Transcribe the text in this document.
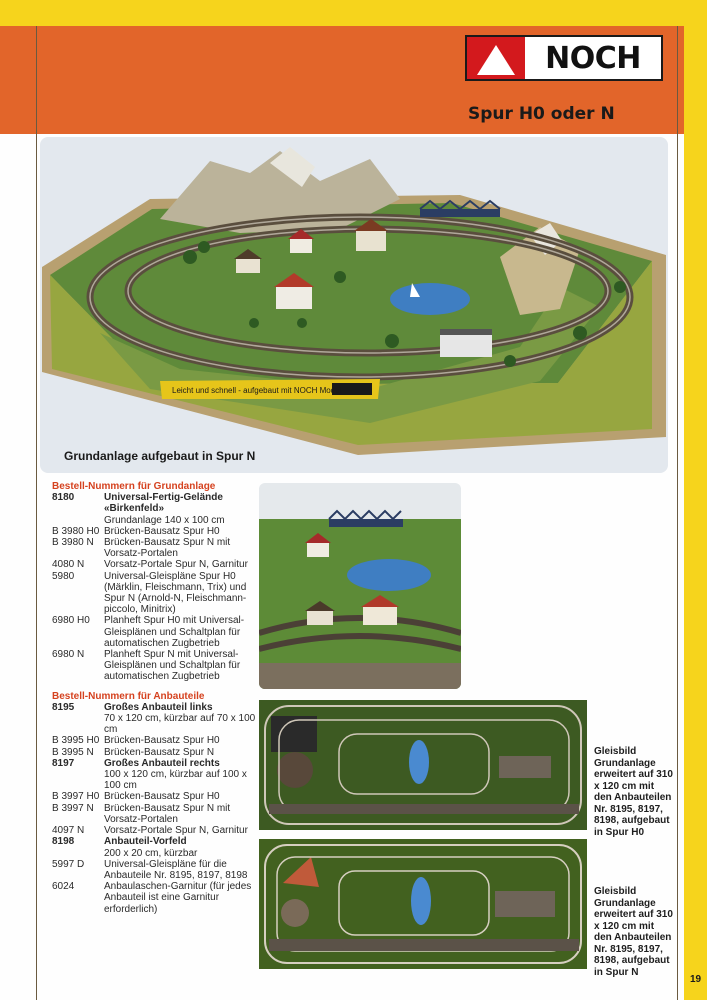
NOCH
Spur H0 oder N
Leicht und schnell - aufgebaut mit NOCH Modell
Grundanlage aufgebaut in Spur N
Bestell-Nummern für Grundanlage
8180	Universal-Fertig-Gelände «Birkenfeld»
Grundanlage 140 x 100 cm
B 3980 H0 Brücken-Bausatz Spur H0
B 3980 N	Brücken-Bausatz Spur N mit Vorsatz-Portalen
4080 N	Vorsatz-Portale Spur N, Garnitur
5980	Universal-Gleispläne Spur H0 (Märklin, Fleischmann, Trix) und Spur N (Arnold-N, Fleischmann-piccolo, Minitrix)
6980 H0	Planheft Spur H0 mit Universal-Gleisplänen und Schaltplan für automatischen Zugbetrieb
6980 N	Planheft Spur N mit Universal-Gleisplänen und Schaltplan für automatischen Zugbetrieb
Bestell-Nummern für Anbauteile
8195	Großes Anbauteil links
70 x 120 cm, kürzbar auf 70 x 100 cm
B 3995 H0 Brücken-Bausatz Spur H0
B 3995 N	Brücken-Bausatz Spur N
8197	Großes Anbauteil rechts
100 x 120 cm, kürzbar auf 100 x 100 cm
B 3997 H0 Brücken-Bausatz Spur H0
B 3997 N	Brücken-Bausatz Spur N mit Vorsatz-Portalen
4097 N	Vorsatz-Portale Spur N, Garnitur
8198	Anbauteil-Vorfeld
200 x 20 cm, kürzbar
5997 D	Universal-Gleispläne für die Anbauteile Nr. 8195, 8197, 8198
6024	Anbaulaschen-Garnitur (für jedes Anbauteil ist eine Garnitur erforderlich)
Gleisbild Grundanlage erweitert auf 310 x 120 cm mit den Anbauteilen Nr. 8195, 8197, 8198, aufgebaut in Spur H0
Gleisbild Grundanlage erweitert auf 310 x 120 cm mit den Anbauteilen Nr. 8195, 8197, 8198, aufgebaut in Spur N
19
